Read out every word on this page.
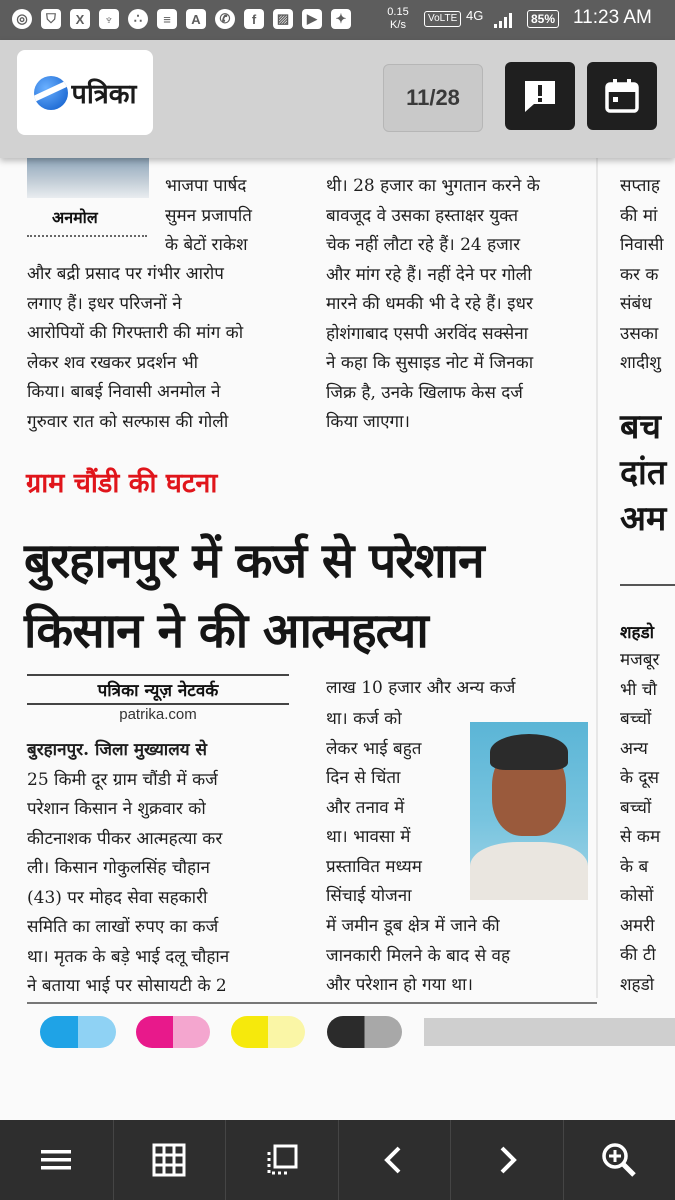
◎	⛉	X	♆	∴	≡	A	✆	f	▨	▶	✦	0.15
K/s
VoLTE 4G	85% 11:23 AM
पत्रिका	11/28
अनमोल
भाजपा पार्षद
सुमन प्रजापति
के बेटों राकेश
और बद्री प्रसाद पर गंभीर आरोप
लगाए हैं। इधर परिजनों ने
आरोपियों की गिरफ्तारी की मांग को
लेकर शव रखकर प्रदर्शन भी
किया। बाबई निवासी अनमोल ने
गुरुवार रात को सल्फास की गोली
थी। 28 हजार का भुगतान करने के
बावजूद वे उसका हस्ताक्षर युक्त
चेक नहीं लौटा रहे हैं। 24 हजार
और मांग रहे हैं। नहीं देने पर गोली
मारने की धमकी भी दे रहे हैं। इधर
होशंगाबाद एसपी अरविंद सक्सेना
ने कहा कि सुसाइड नोट में जिनका
जिक्र है, उनके खिलाफ केस दर्ज
किया जाएगा।
ग्राम चौंडी की घटना
बुरहानपुर में कर्ज से परेशान
किसान ने की आत्महत्या
पत्रिका न्यूज़ नेटवर्क
patrika.com
बुरहानपुर. जिला मुख्यालय से
25 किमी दूर ग्राम चौंडी में कर्ज
परेशान किसान ने शुक्रवार को
कीटनाशक पीकर आत्महत्या कर
ली। किसान गोकुलसिंह चौहान
(43) पर मोहद सेवा सहकारी
समिति का लाखों रुपए का कर्ज
था। मृतक के बड़े भाई दलू चौहान
ने बताया भाई पर सोसायटी के 2
लाख 10 हजार और अन्य कर्ज
था। कर्ज को
लेकर भाई बहुत
दिन से चिंता
और तनाव में
था। भावसा में
प्रस्तावित मध्यम
सिंचाई योजना
में जमीन डूब क्षेत्र में जाने की
जानकारी मिलने के बाद से वह
और परेशान हो गया था।
सप्ताह
की मां
निवासी
कर क
संबंध
उसका
शादीशु
बच
दांत
अम
शहडो
मजबूर
भी चौ
बच्चों
अन्य
के दूस
बच्चों
से कम
के ब
कोसों
अमरी
की टी
शहडो
